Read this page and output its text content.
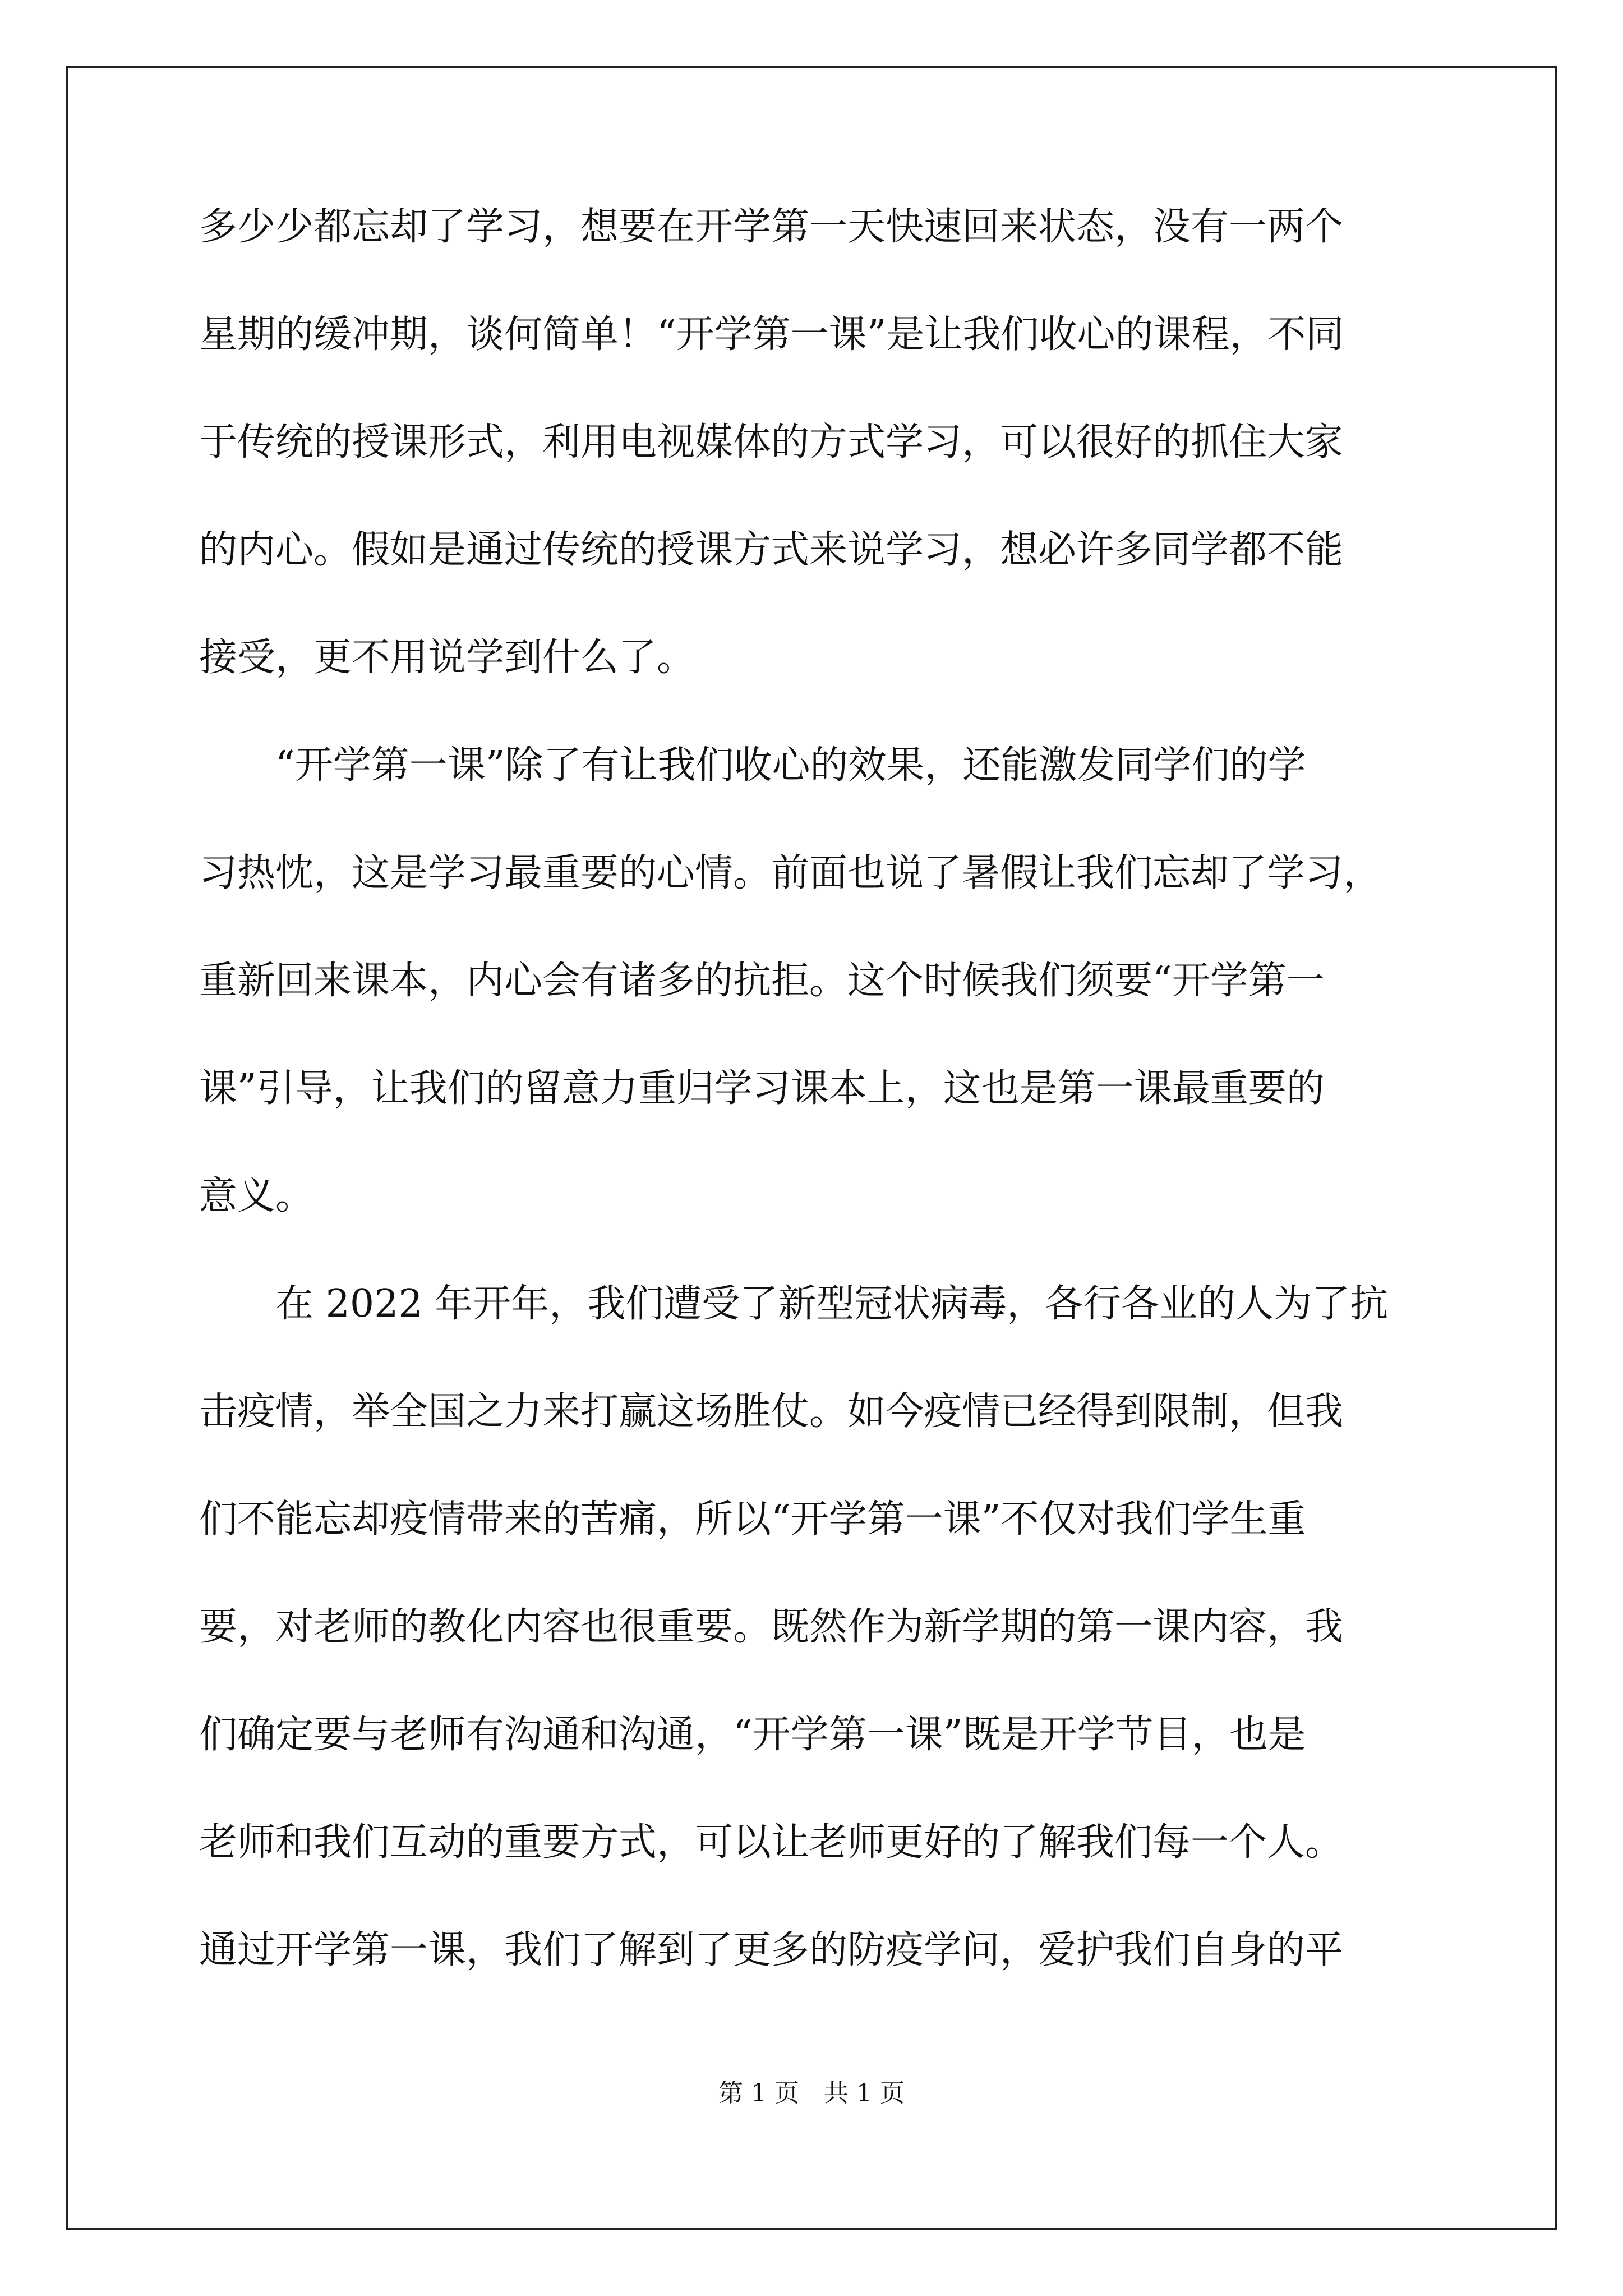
多少少都忘却了学习，想要在开学第一天快速回来状态，没有一两个
星期的缓冲期，谈何简单！“开学第一课”是让我们收心的课程，不同
于传统的授课形式，利用电视媒体的方式学习，可以很好的抓住大家
的内心。假如是通过传统的授课方式来说学习，想必许多同学都不能
接受，更不用说学到什么了。
　　“开学第一课”除了有让我们收心的效果，还能激发同学们的学
习热忱，这是学习最重要的心情。前面也说了暑假让我们忘却了学习，
重新回来课本，内心会有诸多的抗拒。这个时候我们须要“开学第一
课”引导，让我们的留意力重归学习课本上，这也是第一课最重要的
意义。
　　在 2022 年开年，我们遭受了新型冠状病毒，各行各业的人为了抗
击疫情，举全国之力来打赢这场胜仗。如今疫情已经得到限制，但我
们不能忘却疫情带来的苦痛，所以“开学第一课”不仅对我们学生重
要，对老师的教化内容也很重要。既然作为新学期的第一课内容，我
们确定要与老师有沟通和沟通，“开学第一课”既是开学节目，也是
老师和我们互动的重要方式，可以让老师更好的了解我们每一个人。
通过开学第一课，我们了解到了更多的防疫学问，爱护我们自身的平
第 1 页　共 1 页
